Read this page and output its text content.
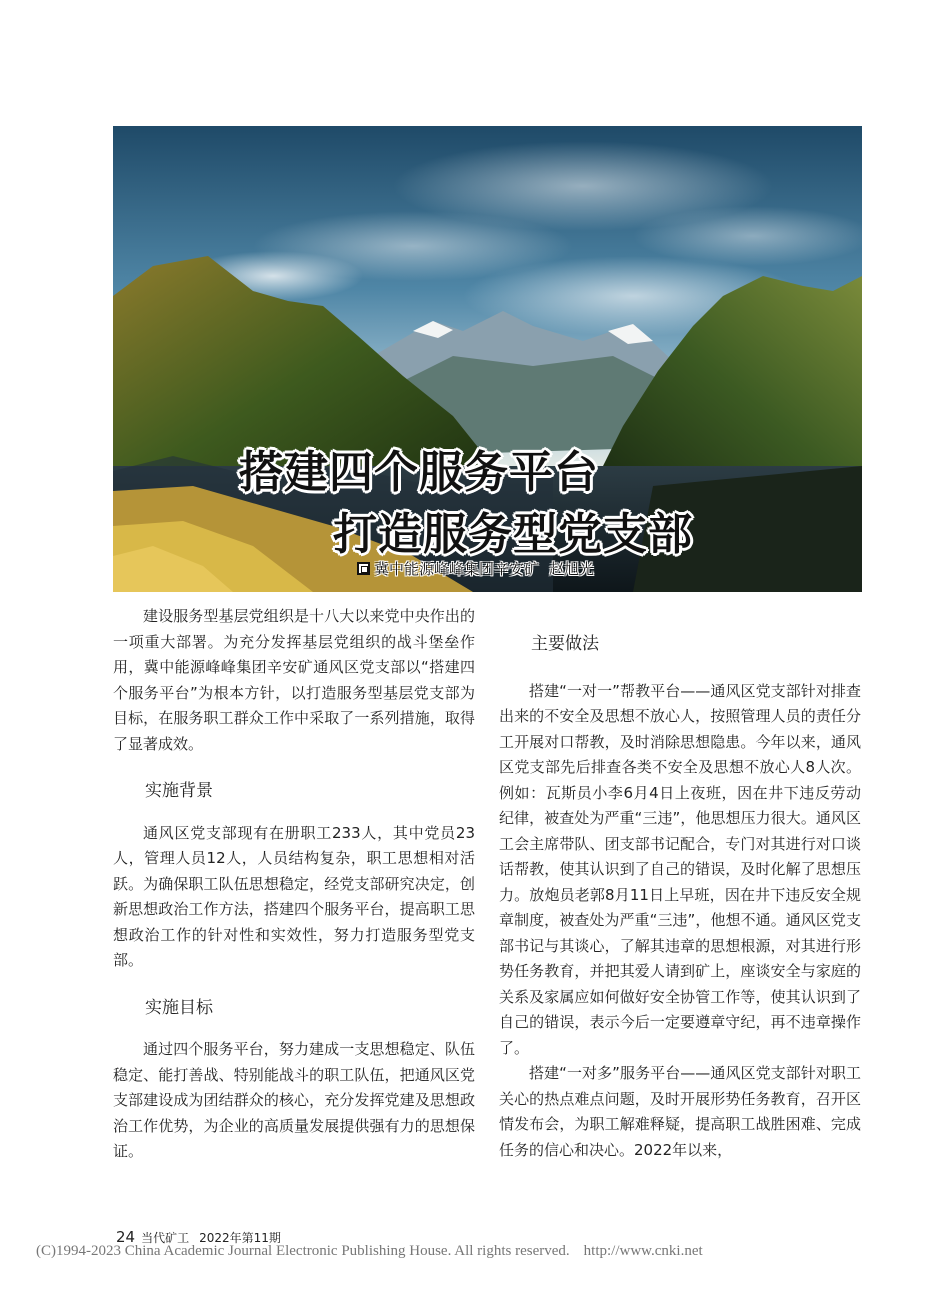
搭建四个服务平台
打造服务型党支部
冀中能源峰峰集团辛安矿 赵旭光

建设服务型基层党组织是十八大以来党中央作出的一项重大部署。为充分发挥基层党组织的战斗堡垒作用，冀中能源峰峰集团辛安矿通风区党支部以“搭建四个服务平台”为根本方针，以打造服务型基层党支部为目标，在服务职工群众工作中采取了一系列措施，取得了显著成效。

实施背景

通风区党支部现有在册职工233人，其中党员23人，管理人员12人，人员结构复杂，职工思想相对活跃。为确保职工队伍思想稳定，经党支部研究决定，创新思想政治工作方法，搭建四个服务平台，提高职工思想政治工作的针对性和实效性，努力打造服务型党支部。

实施目标

通过四个服务平台，努力建成一支思想稳定、队伍稳定、能打善战、特别能战斗的职工队伍，把通风区党支部建设成为团结群众的核心，充分发挥党建及思想政治工作优势，为企业的高质量发展提供强有力的思想保证。

主要做法

搭建“一对一”帮教平台——通风区党支部针对排查出来的不安全及思想不放心人，按照管理人员的责任分工开展对口帮教，及时消除思想隐患。今年以来，通风区党支部先后排查各类不安全及思想不放心人8人次。例如：瓦斯员小李6月4日上夜班，因在井下违反劳动纪律，被查处为严重“三违”，他思想压力很大。通风区工会主席带队、团支部书记配合，专门对其进行对口谈话帮教，使其认识到了自己的错误，及时化解了思想压力。放炮员老郭8月11日上早班，因在井下违反安全规章制度，被查处为严重“三违”，他想不通。通风区党支部书记与其谈心，了解其违章的思想根源，对其进行形势任务教育，并把其爱人请到矿上，座谈安全与家庭的关系及家属应如何做好安全协管工作等，使其认识到了自己的错误，表示今后一定要遵章守纪，再不违章操作了。

搭建“一对多”服务平台——通风区党支部针对职工关心的热点难点问题，及时开展形势任务教育，召开区情发布会，为职工解难释疑，提高职工战胜困难、完成任务的信心和决心。2022年以来，

24 当代矿工 2022年第11期
(C)1994-2023 China Academic Journal Electronic Publishing House. All rights reserved. http://www.cnki.net
